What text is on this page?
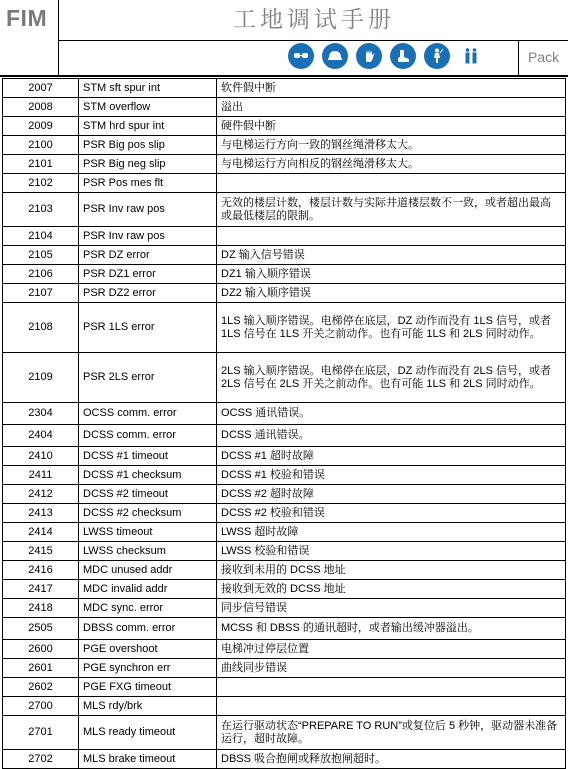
FIM	工地调试手册
Pack
2007	STM sft spur int	软件假中断
2008	STM overflow	溢出
2009	STM hrd spur int	硬件假中断
2100	PSR Big pos slip	与电梯运行方向一致的钢丝绳滑移太大。
2101	PSR Big neg slip	与电梯运行方向相反的钢丝绳滑移太大。
2102	PSR Pos mes flt	
2103	PSR Inv raw pos	无效的楼层计数，楼层计数与实际井道楼层数不一致，或者超出最高或最低楼层的限制。
2104	PSR Inv raw pos	
2105	PSR DZ error	DZ 输入信号错误
2106	PSR DZ1 error	DZ1 输入顺序错误
2107	PSR DZ2 error	DZ2 输入顺序错误
2108	PSR 1LS error	1LS 输入顺序错误。电梯停在底层，DZ 动作而没有 1LS 信号，或者 1LS 信号在 1LS 开关之前动作。也有可能 1LS 和 2LS 同时动作。
2109	PSR 2LS error	2LS 输入顺序错误。电梯停在底层，DZ 动作而没有 2LS 信号，或者 2LS 信号在 2LS 开关之前动作。也有可能 1LS 和 2LS 同时动作。
2304	OCSS comm. error	OCSS 通讯错误。
2404	DCSS comm. error	DCSS 通讯错误。
2410	DCSS #1 timeout	DCSS #1 超时故障
2411	DCSS #1 checksum	DCSS #1 校验和错误
2412	DCSS #2 timeout	DCSS #2 超时故障
2413	DCSS #2 checksum	DCSS #2 校验和错误
2414	LWSS timeout	LWSS 超时故障
2415	LWSS checksum	LWSS 校验和错误
2416	MDC unused addr	接收到未用的 DCSS 地址
2417	MDC invalid addr	接收到无效的 DCSS 地址
2418	MDC sync. error	同步信号错误
2505	DBSS comm. error	MCSS 和 DBSS 的通讯超时，或者输出缓冲器溢出。
2600	PGE overshoot	电梯冲过停层位置
2601	PGE synchron err	曲线同步错误
2602	PGE FXG timeout	
2700	MLS rdy/brk	
2701	MLS ready timeout	在运行驱动状态“PREPARE TO RUN”或复位后 5 秒钟，驱动器未准备运行，超时故障。
2702	MLS brake timeout	DBSS 吸合抱闸或释放抱闸超时。
